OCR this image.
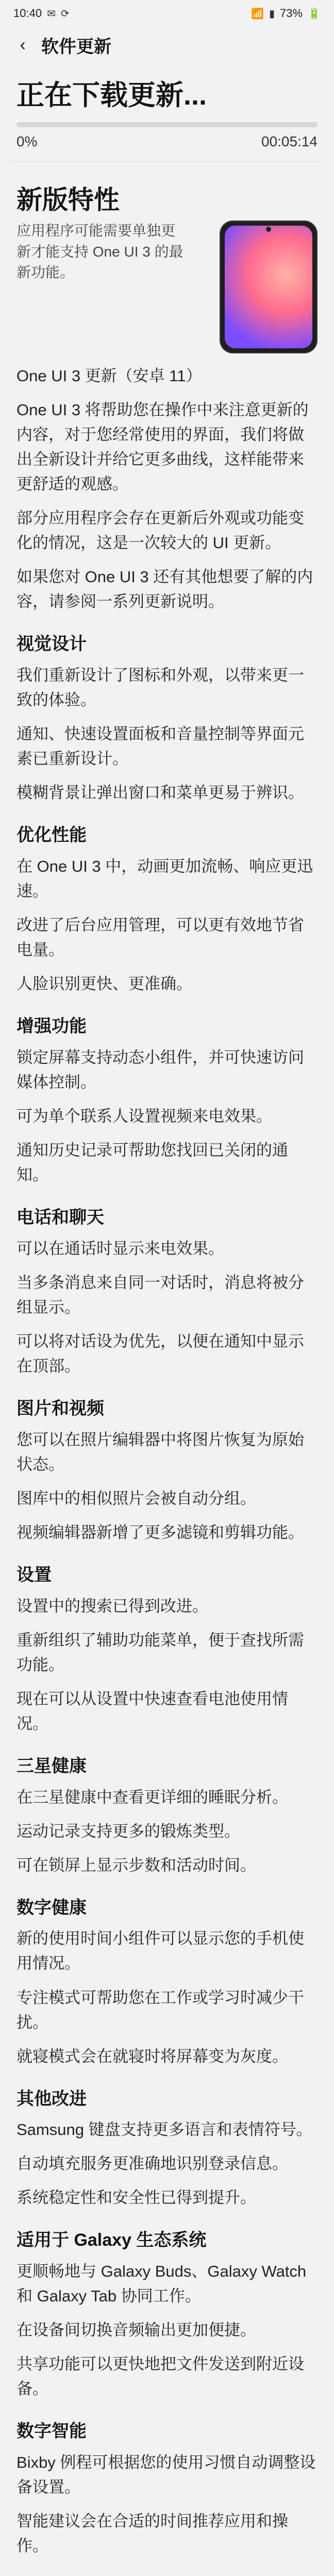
10:40 ✉ ⟳	📶 ▮ 73% 🔋
‹ 软件更新
正在下载更新...
0%	00:05:14
新版特性
应用程序可能需要单独更新才能支持 One UI 3 的最新功能。

One UI 3 更新（安卓 11）

One UI 3 将帮助您在操作中来注意更新的内容，对于您经常使用的界面，我们将做出全新设计并给它更多曲线，这样能带来更舒适的观感。

部分应用程序会存在更新后外观或功能变化的情况，这是一次较大的 UI 更新。

如果您对 One UI 3 还有其他想要了解的内容，请参阅一系列更新说明。

视觉设计

我们重新设计了图标和外观，以带来更一致的体验。

通知、快速设置面板和音量控制等界面元素已重新设计。

模糊背景让弹出窗口和菜单更易于辨识。

优化性能

在 One UI 3 中，动画更加流畅、响应更迅速。

改进了后台应用管理，可以更有效地节省电量。

人脸识别更快、更准确。

增强功能

锁定屏幕支持动态小组件，并可快速访问媒体控制。

可为单个联系人设置视频来电效果。

通知历史记录可帮助您找回已关闭的通知。

电话和聊天

可以在通话时显示来电效果。

当多条消息来自同一对话时，消息将被分组显示。

可以将对话设为优先，以便在通知中显示在顶部。

图片和视频

您可以在照片编辑器中将图片恢复为原始状态。

图库中的相似照片会被自动分组。

视频编辑器新增了更多滤镜和剪辑功能。

设置

设置中的搜索已得到改进。

重新组织了辅助功能菜单，便于查找所需功能。

现在可以从设置中快速查看电池使用情况。

三星健康

在三星健康中查看更详细的睡眠分析。

运动记录支持更多的锻炼类型。

可在锁屏上显示步数和活动时间。

数字健康

新的使用时间小组件可以显示您的手机使用情况。

专注模式可帮助您在工作或学习时减少干扰。

就寝模式会在就寝时将屏幕变为灰度。

其他改进

Samsung 键盘支持更多语言和表情符号。

自动填充服务更准确地识别登录信息。

系统稳定性和安全性已得到提升。

适用于 Galaxy 生态系统

更顺畅地与 Galaxy Buds、Galaxy Watch 和 Galaxy Tab 协同工作。

在设备间切换音频输出更加便捷。

共享功能可以更快地把文件发送到附近设备。

数字智能

Bixby 例程可根据您的使用习惯自动调整设备设置。

智能建议会在合适的时间推荐应用和操作。
